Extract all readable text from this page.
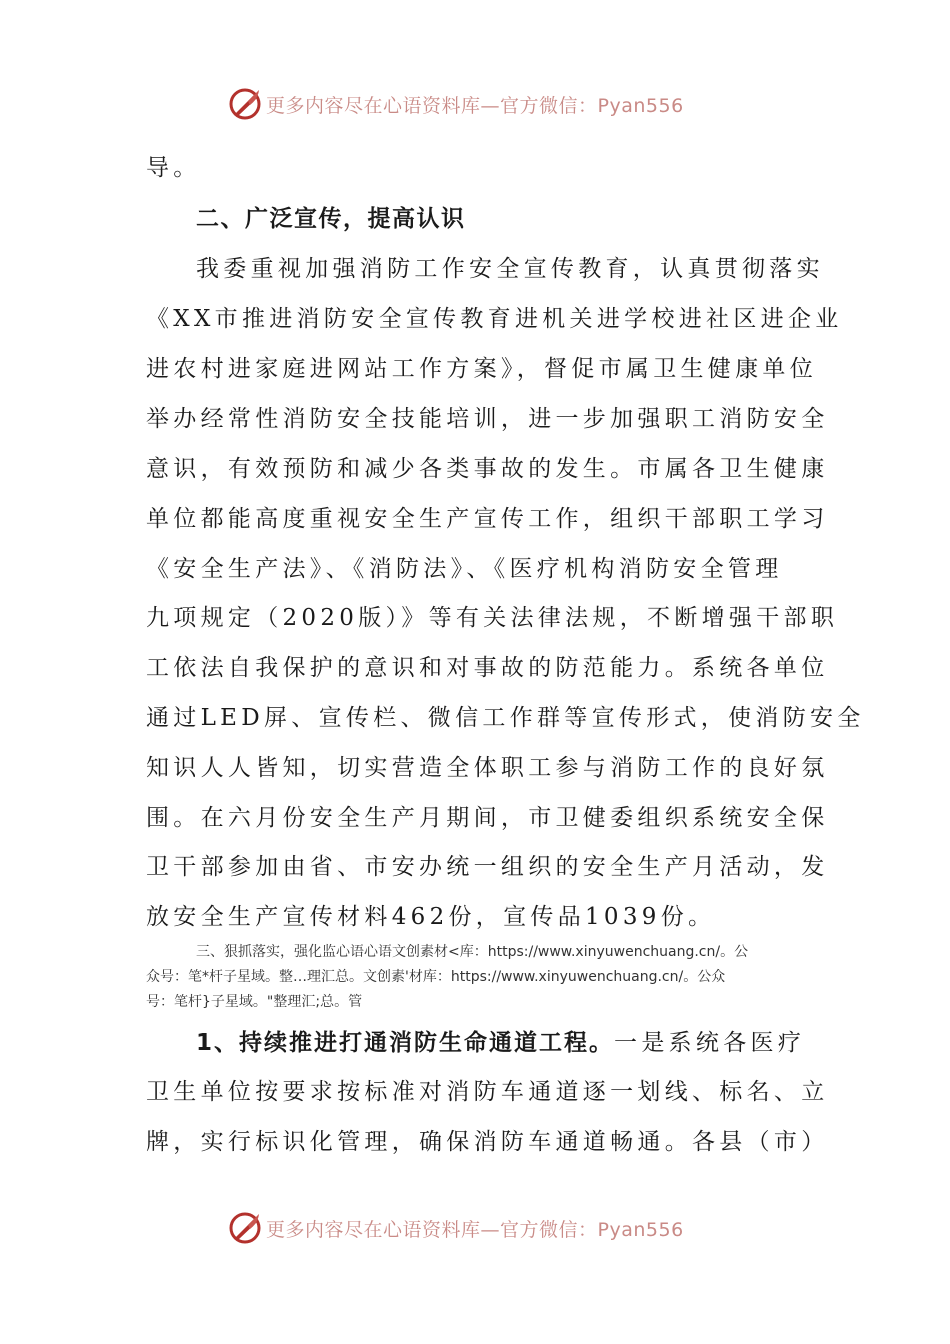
更多内容尽在心语资料库—官方微信：Pyan556
导。
二、广泛宣传，提高认识
我委重视加强消防工作安全宣传教育，认真贯彻落实
《XX市推进消防安全宣传教育进机关进学校进社区进企业
进农村进家庭进网站工作方案》，督促市属卫生健康单位
举办经常性消防安全技能培训，进一步加强职工消防安全
意识，有效预防和减少各类事故的发生。市属各卫生健康
单位都能高度重视安全生产宣传工作，组织干部职工学习
《安全生产法》、《消防法》、《医疗机构消防安全管理
九项规定（2020版）》等有关法律法规，不断增强干部职
工依法自我保护的意识和对事故的防范能力。系统各单位
通过LED屏、宣传栏、微信工作群等宣传形式，使消防安全
知识人人皆知，切实营造全体职工参与消防工作的良好氛
围。在六月份安全生产月期间，市卫健委组织系统安全保
卫干部参加由省、市安办统一组织的安全生产月活动，发
放安全生产宣传材料462份，宣传品1039份。
三、狠抓落实，强化监心语心语文创素材<库：https://www.xinyuwenchuang.cn/。公
众号：笔*杆子星域。整…理汇总。文创素'材库：https://www.xinyuwenchuang.cn/。公众
号：笔杆}子星域。"整理汇;总。管
1、持续推进打通消防生命通道工程。一是系统各医疗
卫生单位按要求按标准对消防车通道逐一划线、标名、立
牌，实行标识化管理，确保消防车通道畅通。各县（市）
更多内容尽在心语资料库—官方微信：Pyan556
